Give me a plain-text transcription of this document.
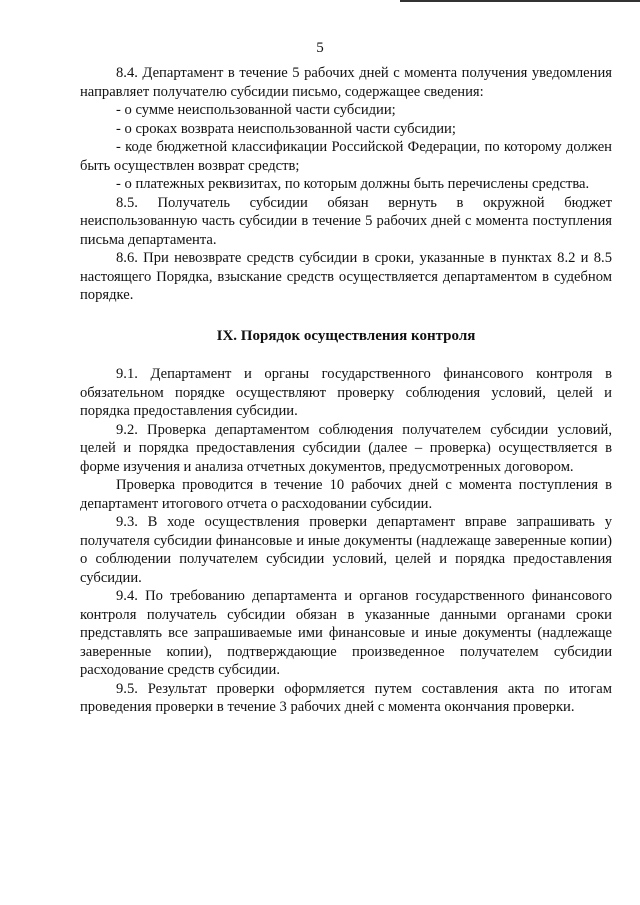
5

8.4. Департамент в течение 5 рабочих дней с момента получения уведомления направляет получателю субсидии письмо, содержащее сведения:

- о сумме неиспользованной части субсидии;

- о сроках возврата неиспользованной части субсидии;

- коде бюджетной классификации Российской Федерации, по которому должен быть осуществлен возврат средств;

- о платежных реквизитах, по которым должны быть перечислены средства.

8.5. Получатель субсидии обязан вернуть в окружной бюджет неиспользованную часть субсидии в течение 5 рабочих дней с момента поступления письма департамента.

8.6. При невозврате средств субсидии в сроки, указанные в пунктах 8.2 и 8.5 настоящего Порядка, взыскание средств осуществляется департаментом в судебном порядке.

IX. Порядок осуществления контроля

9.1. Департамент и органы государственного финансового контроля в обязательном порядке осуществляют проверку соблюдения условий, целей и порядка предоставления субсидии.

9.2. Проверка департаментом соблюдения получателем субсидии условий, целей и порядка предоставления субсидии (далее – проверка) осуществляется в форме изучения и анализа отчетных документов, предусмотренных договором.

Проверка проводится в течение 10 рабочих дней с момента поступления в департамент итогового отчета о расходовании субсидии.

9.3. В ходе осуществления проверки департамент вправе запрашивать у получателя субсидии финансовые и иные документы (надлежаще заверенные копии) о соблюдении получателем субсидии условий, целей и порядка предоставления субсидии.

9.4. По требованию департамента и органов государственного финансового контроля получатель субсидии обязан в указанные данными органами сроки представлять все запрашиваемые ими финансовые и иные документы (надлежаще заверенные копии), подтверждающие произведенное получателем субсидии расходование средств субсидии.

9.5. Результат проверки оформляется путем составления акта по итогам проведения проверки в течение 3 рабочих дней с момента окончания проверки.
